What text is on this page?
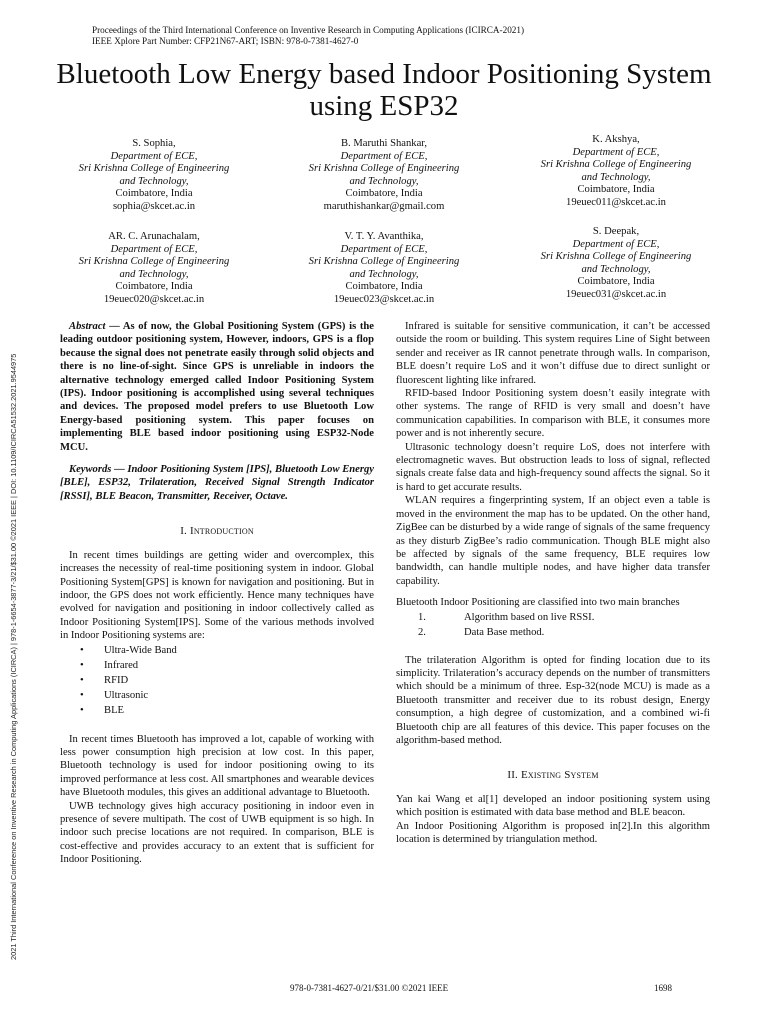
Proceedings of the Third International Conference on Inventive Research in Computing Applications (ICIRCA-2021)
IEEE Xplore Part Number: CFP21N67-ART; ISBN: 978-0-7381-4627-0
Bluetooth Low Energy based Indoor Positioning System using ESP32
2021 Third International Conference on Inventive Research in Computing Applications (ICIRCA) | 978-1-6654-3877-3/21/$31.00 ©2021 IEEE | DOI: 10.1109/ICIRCA51532.2021.9544975
S. Sophia,
Department of ECE,
Sri Krishna College of Engineering
and Technology,
Coimbatore, India
sophia@skcet.ac.in
B. Maruthi Shankar,
Department of ECE,
Sri Krishna College of Engineering
and Technology,
Coimbatore, India
maruthishankar@gmail.com
K. Akshya,
Department of ECE,
Sri Krishna College of Engineering
and Technology,
Coimbatore, India
19euec011@skcet.ac.in
AR. C. Arunachalam,
Department of ECE,
Sri Krishna College of Engineering
and Technology,
Coimbatore, India
19euec020@skcet.ac.in
V. T. Y. Avanthika,
Department of ECE,
Sri Krishna College of Engineering
and Technology,
Coimbatore, India
19euec023@skcet.ac.in
S. Deepak,
Department of ECE,
Sri Krishna College of Engineering
and Technology,
Coimbatore, India
19euec031@skcet.ac.in

Abstract — As of now, the Global Positioning System (GPS) is the leading outdoor positioning system, However, indoors, GPS is a flop because the signal does not penetrate easily through solid objects and there is no line-of-sight. Since GPS is unreliable in indoors the alternative technology emerged called Indoor Positioning System (IPS). Indoor positioning is accomplished using several techniques and devices. The proposed model prefers to use Bluetooth Low Energy-based positioning system. This paper focuses on implementing BLE based indoor positioning using ESP32-Node MCU.

Keywords — Indoor Positioning System [IPS], Bluetooth Low Energy [BLE], ESP32, Trilateration, Received Signal Strength Indicator [RSSI], BLE Beacon, Transmitter, Receiver, Octave.

I. Introduction

In recent times buildings are getting wider and overcomplex, this increases the necessity of real-time positioning system in indoor. Global Positioning System[GPS] is known for navigation and positioning. But in indoor, the GPS does not work efficiently. Hence many techniques have evolved for navigation and positioning in indoor collectively called as Indoor Positioning System[IPS]. Some of the various methods involved in Indoor Positioning systems are:

• Ultra-Wide Band
• Infrared
• RFID
• Ultrasonic
• BLE

In recent times Bluetooth has improved a lot, capable of working with less power consumption high precision at low cost. In this paper, Bluetooth technology is used for indoor positioning owing to its improved performance at less cost. All smartphones and wearable devices have Bluetooth modules, this gives an additional advantage to Bluetooth.

UWB technology gives high accuracy positioning in indoor even in presence of severe multipath. The cost of UWB equipment is so high. In indoor such precise locations are not required. In comparison, BLE is cost-effective and provides accuracy to an extent that is sufficient for Indoor Positioning.

Infrared is suitable for sensitive communication, it can’t be accessed outside the room or building. This system requires Line of Sight between sender and receiver as IR cannot penetrate through walls. In comparison, BLE doesn’t require LoS and it won’t diffuse due to direct sunlight or fluorescent lighting like infrared.

RFID-based Indoor Positioning system doesn’t easily integrate with other systems. The range of RFID is very small and doesn’t have communication capabilities. In comparison with BLE, it consumes more power and is not inherently secure.

Ultrasonic technology doesn’t require LoS, does not interfere with electromagnetic waves. But obstruction leads to loss of signal, reflected signals create false data and high-frequency sound affects the signal. So it is hard to get accurate results.

WLAN requires a fingerprinting system, If an object even a table is moved in the environment the map has to be updated. On the other hand, ZigBee can be disturbed by a wide range of signals of the same frequency as they disturb ZigBee’s radio communication. Though BLE might also be affected by signals of the same frequency, BLE requires low bandwidth, can handle multiple nodes, and have higher data transfer capability.

Bluetooth Indoor Positioning are classified into two main branches

1.	Algorithm based on live RSSI.
2.	Data Base method.

The trilateration Algorithm is opted for finding location due to its simplicity. Trilateration’s accuracy depends on the number of transmitters which should be a minimum of three. Esp-32(node MCU) is made as a Bluetooth transmitter and receiver due to its robust design, Energy consumption, a high degree of customization, and a combined wi-fi Bluetooth chip are all features of this device. This paper focuses on the algorithm-based method.

II. Existing System

Yan kai Wang et al[1] developed an indoor positioning system using which position is estimated with data base method and BLE beacon.

An Indoor Positioning Algorithm is proposed in[2].In this algorithm location is determined by triangulation method.

978-0-7381-4627-0/21/$31.00 ©2021 IEEE	1698
